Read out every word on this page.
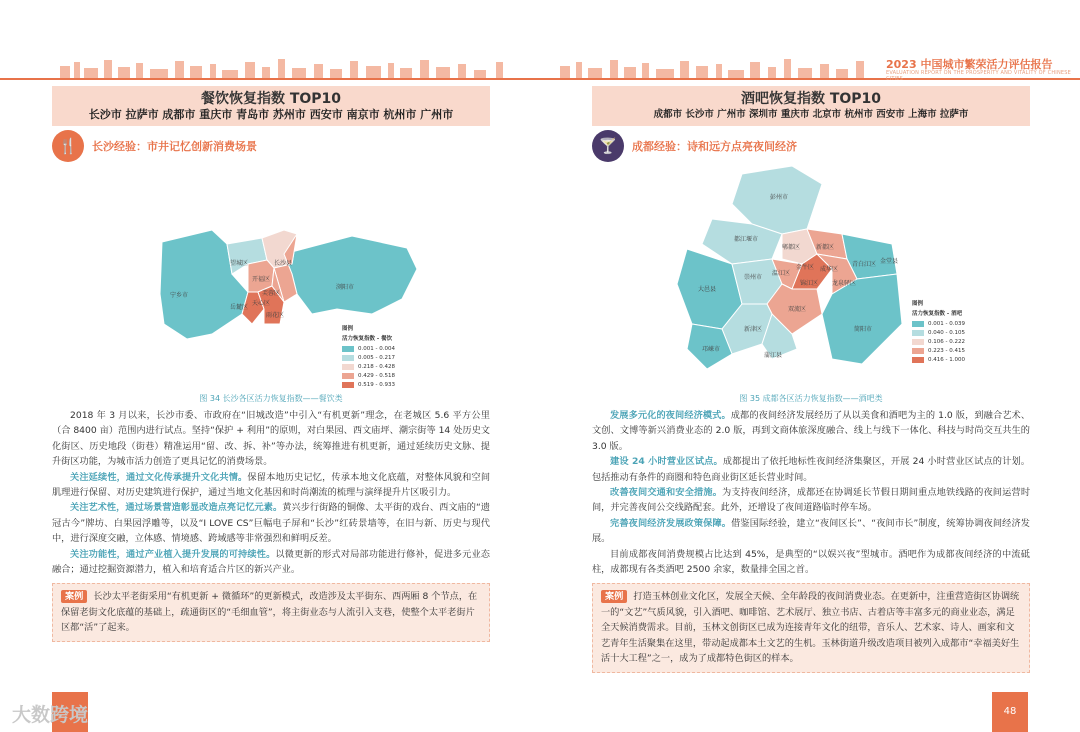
2023 中国城市繁荣活力评估报告
EVALUATION REPORT ON THE PROSPERITY AND VITALITY OF CHINESE CITIES
餐饮恢复指数 TOP10
长沙市 拉萨市 成都市 重庆市 青岛市 苏州市 西安市 南京市 杭州市 广州市
🍴	长沙经验：市井记忆创新消费场景
望城区
开福区
长沙县
宁乡市	芙蓉区
天心区
岳麓区
雨花区
浏阳市
图例
活力恢复指数 - 餐饮
0.001 - 0.004
0.005 - 0.217
0.218 - 0.428
0.429 - 0.518
0.519 - 0.933
图 34 长沙各区活力恢复指数——餐饮类

2018 年 3 月以来，长沙市委、市政府在“旧城改造”中引入“有机更新”理念，在老城区 5.6 平方公里（合 8400 亩）范围内进行试点。坚持“保护 + 利用”的原则，对白果园、西文庙坪、潮宗街等 14 处历史文化街区、历史地段（街巷）精准运用“留、改、拆、补”等办法，统筹推进有机更新，通过延续历史文脉、提升街区功能，为城市活力创造了更具记忆的消费场景。

关注延续性，通过文化传承提升文化共情。保留本地历史记忆，传承本地文化底蕴，对整体风貌和空间肌理进行保留、对历史建筑进行保护，通过当地文化基因和时尚潮流的梳理与演绎提升片区吸引力。

关注艺术性，通过场景营造彰显改造点亮记忆元素。黄兴步行街路的铜像、太平街的戏台、西文庙的“遗冠古今”牌坊、白果园浮雕等，以及“I LOVE CS”巨幅电子屏和“长沙”红砖景墙等，在旧与新、历史与现代中，进行深度交融，立体感、情境感、跨域感等非常强烈和鲜明反差。

关注功能性，通过产业植入提升发展的可持续性。以微更新的形式对局部功能进行修补，促进多元业态融合；通过挖掘资源潜力，植入和培育适合片区的新兴产业。

案例 长沙太平老街采用“有机更新 + 微循环”的更新模式，改造涉及太平街东、西两厢 8 个节点，在保留老街文化底蕴的基础上，疏通街区的“毛细血管”，将主街业态与人流引入支巷，使整个太平老街片区都“活”了起来。
酒吧恢复指数 TOP10
成都市 长沙市 广州市 深圳市 重庆市 北京市 杭州市 西安市 上海市 拉萨市
🍸	成都经验：诗和远方点亮夜间经济
彭州市
都江堰市
郫都区	新都区
青白江区 金堂县
崇州市
温江区
金牛区 成华区
龙泉驿区
大邑县
锦江区
邛崃市
双流区
新津区	简阳市
蒲江县
图例
活力恢复指数 - 酒吧
0.001 - 0.039
0.040 - 0.105
0.106 - 0.222
0.223 - 0.415
0.416 - 1.000
图 35 成都各区活力恢复指数——酒吧类

发展多元化的夜间经济模式。成都的夜间经济发展经历了从以美食和酒吧为主的 1.0 版，到融合艺术、文创、文博等新兴消费业态的 2.0 版，再到文商体旅深度融合、线上与线下一体化、科技与时尚交互共生的 3.0 版。

建设 24 小时营业区试点。成都提出了依托地标性夜间经济集聚区，开展 24 小时营业区试点的计划。包括推动有条件的商圈和特色商业街区延长营业时间。

改善夜间交通和安全措施。为支持夜间经济，成都还在协调延长节假日期间重点地铁线路的夜间运营时间，并完善夜间公交线路配套。此外，还增设了夜间道路临时停车场。

完善夜间经济发展政策保障。借鉴国际经验，建立“夜间区长”、“夜间市长”制度，统筹协调夜间经济发展。

目前成都夜间消费规模占比达到 45%，是典型的“以娱兴夜”型城市。酒吧作为成都夜间经济的中流砥柱，成都现有各类酒吧 2500 余家，数量排全国之首。

案例 打造玉林创业文化区，发展全天候、全年龄段的夜间消费业态。在更新中，注重营造街区协调统一的“文艺”气质风貌，引入酒吧、咖啡馆、艺术展厅、独立书店、古着店等丰富多元的商业业态，满足全天候消费需求。目前，玉林文创街区已成为连接青年文化的纽带，音乐人、艺术家、诗人、画家和文艺青年生活聚集在这里，带动起成都本土文艺的生机。玉林街道升级改造项目被列入成都市“幸福美好生活十大工程”之一，成为了成都特色街区的样本。
48
大数跨境
